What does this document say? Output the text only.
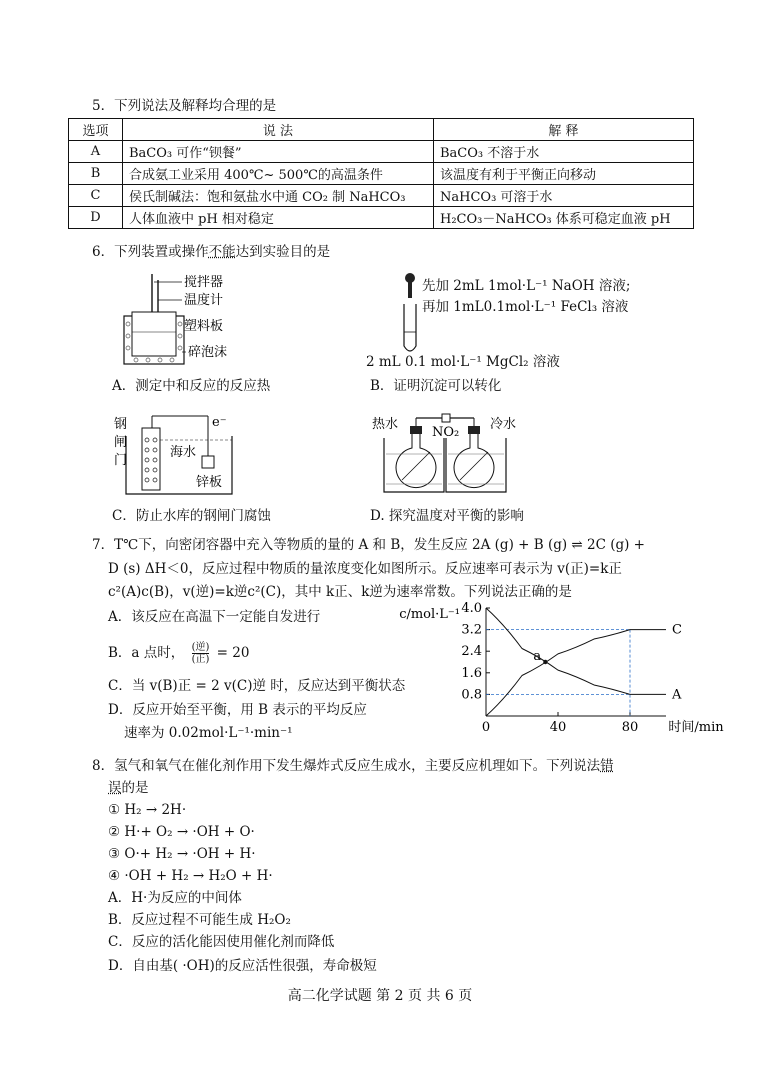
5．下列说法及解释均合理的是
选项	说 法	解 释
A	BaCO₃ 可作“钡餐”	BaCO₃ 不溶于水
B	合成氨工业采用 400℃~ 500℃的高温条件	该温度有利于平衡正向移动
C	侯氏制碱法：饱和氨盐水中通 CO₂ 制 NaHCO₃	NaHCO₃ 可溶于水
D	人体血液中 pH 相对稳定	H₂CO₃－NaHCO₃ 体系可稳定血液 pH
6．下列装置或操作不能达到实验目的是
搅拌器
温度计
塑料板
碎泡沫
A．测定中和反应的反应热
先加 2mL 1mol·L⁻¹ NaOH 溶液;
再加 1mL0.1mol·L⁻¹ FeCl₃ 溶液
2 mL 0.1 mol·L⁻¹ MgCl₂ 溶液
B．证明沉淀可以转化
钢
闸
门
e⁻
海水
锌板
C．防止水库的钢闸门腐蚀
热水
NO₂
冷水
D. 探究温度对平衡的影响
7．T℃下，向密闭容器中充入等物质的量的 A 和 B，发生反应 2A (g) + B (g) ⇌ 2C (g) +
D (s) ΔH＜0，反应过程中物质的量浓度变化如图所示。反应速率可表示为 v(正)=k正
c²(A)c(B)，v(逆)=k逆c²(C)，其中 k正、k逆为速率常数。下列说法正确的是
A．该反应在高温下一定能自发进行
B．a 点时， (逆)
(正) = 20
C．当 v(B)正 = 2 v(C)逆 时，反应达到平衡状态
D．反应开始至平衡，用 B 表示的平均反应
速率为 0.02mol·L⁻¹·min⁻¹
c/mol·L⁻¹
0.8
1.6
2.4
3.2
4.0
0	40	80 时间/min
C
A
a
8．氢气和氧气在催化剂作用下发生爆炸式反应生成水，主要反应机理如下。下列说法错
误的是
① H₂ → 2H·
② H·+ O₂ → ·OH + O·
③ O·+ H₂ → ·OH + H·
④ ·OH + H₂ → H₂O + H·
A．H·为反应的中间体
B．反应过程不可能生成 H₂O₂
C．反应的活化能因使用催化剂而降低
D．自由基( ·OH)的反应活性很强，寿命极短
高二化学试题 第 2 页 共 6 页
